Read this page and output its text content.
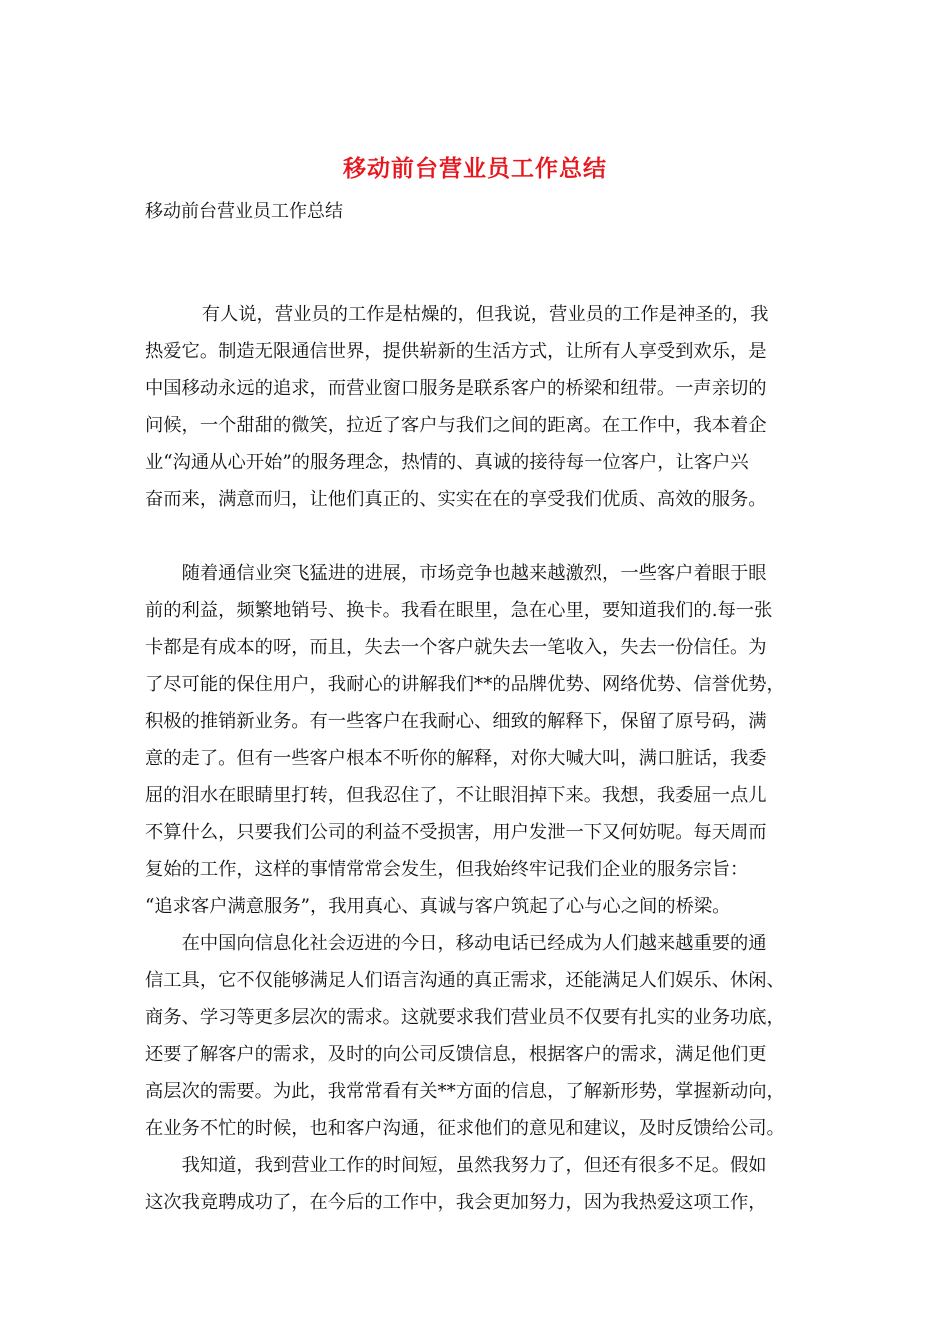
移动前台营业员工作总结
移动前台营业员工作总结

有人说，营业员的工作是枯燥的，但我说，营业员的工作是神圣的，我
热爱它。制造无限通信世界，提供崭新的生活方式，让所有人享受到欢乐，是
中国移动永远的追求，而营业窗口服务是联系客户的桥梁和纽带。一声亲切的
问候，一个甜甜的微笑，拉近了客户与我们之间的距离。在工作中，我本着企
业“沟通从心开始”的服务理念，热情的、真诚的接待每一位客户，让客户兴
奋而来，满意而归，让他们真正的、实实在在的享受我们优质、高效的服务。

随着通信业突飞猛进的进展，市场竞争也越来越激烈，一些客户着眼于眼
前的利益，频繁地销号、换卡。我看在眼里，急在心里，要知道我们的.每一张
卡都是有成本的呀，而且，失去一个客户就失去一笔收入，失去一份信任。为
了尽可能的保住用户，我耐心的讲解我们**的品牌优势、网络优势、信誉优势，
积极的推销新业务。有一些客户在我耐心、细致的解释下，保留了原号码，满
意的走了。但有一些客户根本不听你的解释，对你大喊大叫，满口脏话，我委
屈的泪水在眼睛里打转，但我忍住了，不让眼泪掉下来。我想，我委屈一点儿
不算什么，只要我们公司的利益不受损害，用户发泄一下又何妨呢。每天周而
复始的工作，这样的事情常常会发生，但我始终牢记我们企业的服务宗旨：
“追求客户满意服务”，我用真心、真诚与客户筑起了心与心之间的桥梁。

在中国向信息化社会迈进的今日，移动电话已经成为人们越来越重要的通
信工具，它不仅能够满足人们语言沟通的真正需求，还能满足人们娱乐、休闲、
商务、学习等更多层次的需求。这就要求我们营业员不仅要有扎实的业务功底，
还要了解客户的需求，及时的向公司反馈信息，根据客户的需求，满足他们更
高层次的需要。为此，我常常看有关**方面的信息，了解新形势，掌握新动向，
在业务不忙的时候，也和客户沟通，征求他们的意见和建议，及时反馈给公司。

我知道，我到营业工作的时间短，虽然我努力了，但还有很多不足。假如
这次我竟聘成功了，在今后的工作中，我会更加努力，因为我热爱这项工作，
